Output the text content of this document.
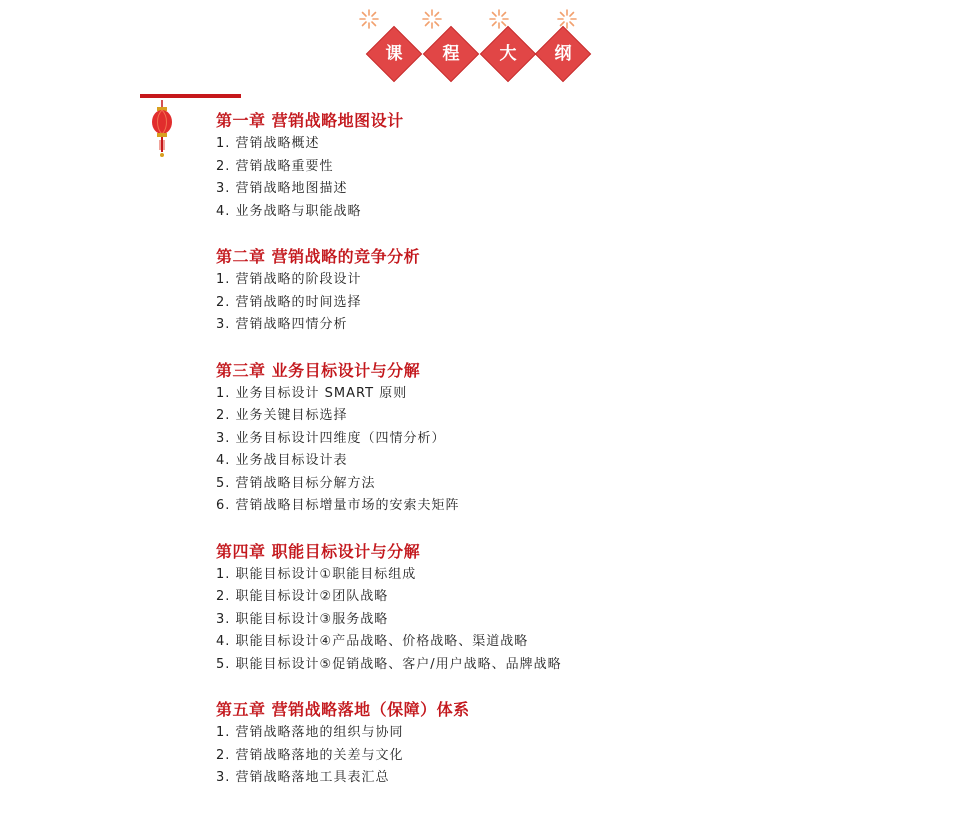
课	程	大	纲
第一章 营销战略地图设计
1. 营销战略概述
2. 营销战略重要性
3. 营销战略地图描述
4. 业务战略与职能战略
第二章 营销战略的竞争分析
1. 营销战略的阶段设计
2. 营销战略的时间选择
3. 营销战略四情分析
第三章 业务目标设计与分解
1. 业务目标设计 SMART 原则
2. 业务关键目标选择
3. 业务目标设计四维度（四情分析）
4. 业务战目标设计表
5. 营销战略目标分解方法
6. 营销战略目标增量市场的安索夫矩阵
第四章 职能目标设计与分解
1. 职能目标设计①职能目标组成
2. 职能目标设计②团队战略
3. 职能目标设计③服务战略
4. 职能目标设计④产品战略、价格战略、渠道战略
5. 职能目标设计⑤促销战略、客户/用户战略、品牌战略
第五章 营销战略落地（保障）体系
1. 营销战略落地的组织与协同
2. 营销战略落地的关差与文化
3. 营销战略落地工具表汇总
